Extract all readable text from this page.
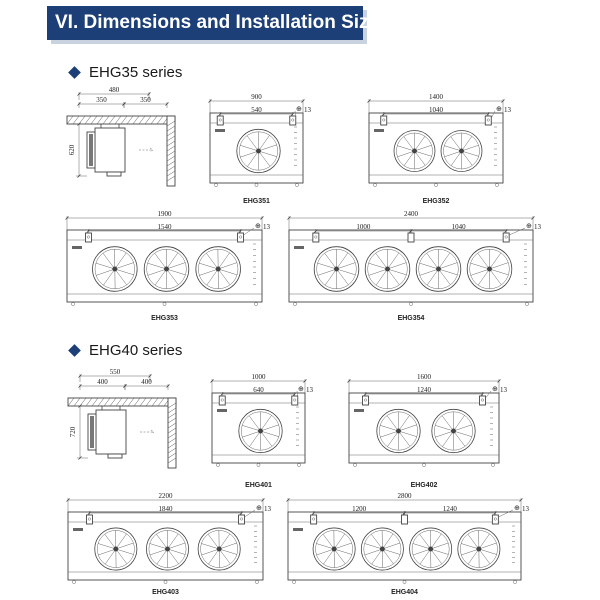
VI. Dimensions and Installation Size
EHG35 series
EHG40 series
480
350	350
620
900
540	⊕ 13
EHG351
1400
1040	⊕ 13
EHG352
1900
1540	⊕ 13
EHG353
2400
1000	1040	⊕ 13
EHG354
550
400	400
720
1000
640	⊕ 13
EHG401
1600
1240	⊕ 13
EHG402
2200
1840	⊕ 13
EHG403
2800
1200	1240	⊕ 13
EHG404
